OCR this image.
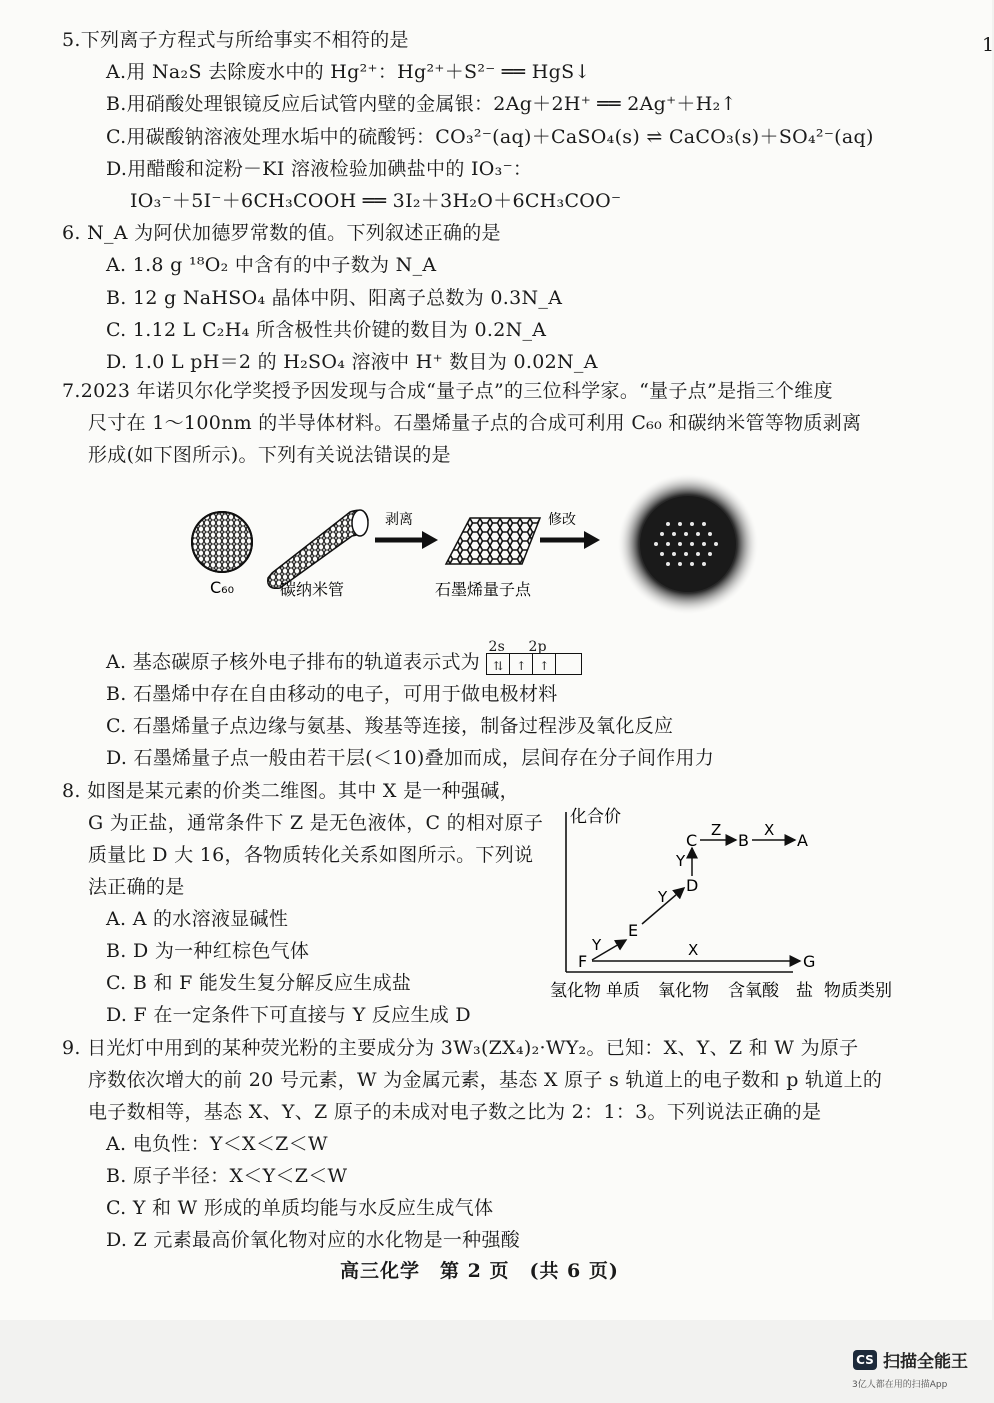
1
5.下列离子方程式与所给事实不相符的是
A.用 Na₂S 去除废水中的 Hg²⁺：Hg²⁺＋S²⁻ ══ HgS↓
B.用硝酸处理银镜反应后试管内壁的金属银：2Ag＋2H⁺ ══ 2Ag⁺＋H₂↑
C.用碳酸钠溶液处理水垢中的硫酸钙：CO₃²⁻(aq)＋CaSO₄(s) ⇌ CaCO₃(s)＋SO₄²⁻(aq)
D.用醋酸和淀粉－KI 溶液检验加碘盐中的 IO₃⁻：
IO₃⁻＋5I⁻＋6CH₃COOH ══ 3I₂＋3H₂O＋6CH₃COO⁻
6. N_A 为阿伏加德罗常数的值。下列叙述正确的是
A. 1.8 g ¹⁸O₂ 中含有的中子数为 N_A
B. 12 g NaHSO₄ 晶体中阴、阳离子总数为 0.3N_A
C. 1.12 L C₂H₄ 所含极性共价键的数目为 0.2N_A
D. 1.0 L pH＝2 的 H₂SO₄ 溶液中 H⁺ 数目为 0.02N_A
7.2023 年诺贝尔化学奖授予因发现与合成“量子点”的三位科学家。“量子点”是指三个维度
尺寸在 1～100nm 的半导体材料。石墨烯量子点的合成可利用 C₆₀ 和碳纳米管等物质剥离
形成(如下图所示)。下列有关说法错误的是
C₆₀	碳纳米管
剥离
石墨烯量子点
修改
A. 基态碳原子核外电子排布的轨道表示式为
2s 2p
⇅	↑	↑
B. 石墨烯中存在自由移动的电子，可用于做电极材料
C. 石墨烯量子点边缘与氨基、羧基等连接，制备过程涉及氧化反应
D. 石墨烯量子点一般由若干层(＜10)叠加而成，层间存在分子间作用力
8. 如图是某元素的价类二维图。其中 X 是一种强碱，
G 为正盐，通常条件下 Z 是无色液体，C 的相对原子
质量比 D 大 16，各物质转化关系如图所示。下列说
法正确的是
A. A 的水溶液显碱性
B. D 为一种红棕色气体
C. B 和 F 能发生复分解反应生成盐
D. F 在一定条件下可直接与 Y 反应生成 D
化合价
物质类别
氢化物 单质 氧化物 含氧酸 盐
F
E
D
C	B	A
G
Y
Y
Y
Z	X
X
9. 日光灯中用到的某种荧光粉的主要成分为 3W₃(ZX₄)₂·WY₂。已知：X、Y、Z 和 W 为原子
序数依次增大的前 20 号元素，W 为金属元素，基态 X 原子 s 轨道上的电子数和 p 轨道上的
电子数相等，基态 X、Y、Z 原子的未成对电子数之比为 2：1：3。下列说法正确的是
A. 电负性：Y＜X＜Z＜W
B. 原子半径：X＜Y＜Z＜W
C. Y 和 W 形成的单质均能与水反应生成气体
D. Z 元素最高价氧化物对应的水化物是一种强酸
高三化学　第 2 页　(共 6 页)
CS 扫描全能王
3亿人都在用的扫描App
